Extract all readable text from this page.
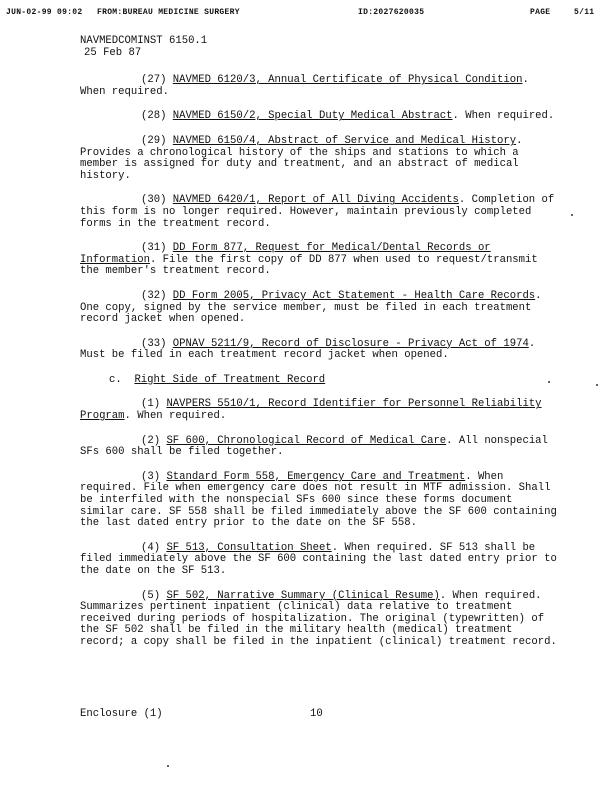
JUN-02-99 09:02 FROM:BUREAU MEDICINE SURGERY	ID:2027620035	PAGE	5/11

NAVMEDCOMINST 6150.1

25 Feb 87

(27) NAVMED 6120/3, Annual Certificate of Physical Condition. When required.

(28) NAVMED 6150/2, Special Duty Medical Abstract. When required.

(29) NAVMED 6150/4, Abstract of Service and Medical History. Provides a chronological history of the ships and stations to which a member is assigned for duty and treatment, and an abstract of medical history.

(30) NAVMED 6420/1, Report of All Diving Accidents. Completion of this form is no longer required. However, maintain previously completed forms in the treatment record.

(31) DD Form 877, Request for Medical/Dental Records or Information. File the first copy of DD 877 when used to request/transmit the member's treatment record.

(32) DD Form 2005, Privacy Act Statement - Health Care Records. One copy, signed by the service member, must be filed in each treatment record jacket when opened.

(33) OPNAV 5211/9, Record of Disclosure - Privacy Act of 1974. Must be filed in each treatment record jacket when opened.

c. Right Side of Treatment Record

(1) NAVPERS 5510/1, Record Identifier for Personnel Reliability Program. When required.

(2) SF 600, Chronological Record of Medical Care. All nonspecial SFs 600 shall be filed together.

(3) Standard Form 558, Emergency Care and Treatment. When required. File when emergency care does not result in MTF admission. Shall be interfiled with the nonspecial SFs 600 since these forms document similar care. SF 558 shall be filed immediately above the SF 600 containing the last dated entry prior to the date on the SF 558.

(4) SF 513, Consultation Sheet. When required. SF 513 shall be filed immediately above the SF 600 containing the last dated entry prior to the date on the SF 513.

(5) SF 502, Narrative Summary (Clinical Resume). When required. Summarizes pertinent inpatient (clinical) data relative to treatment received during periods of hospitalization. The original (typewritten) of the SF 502 shall be filed in the military health (medical) treatment record; a copy shall be filed in the inpatient (clinical) treatment record.

Enclosure (1)	10
